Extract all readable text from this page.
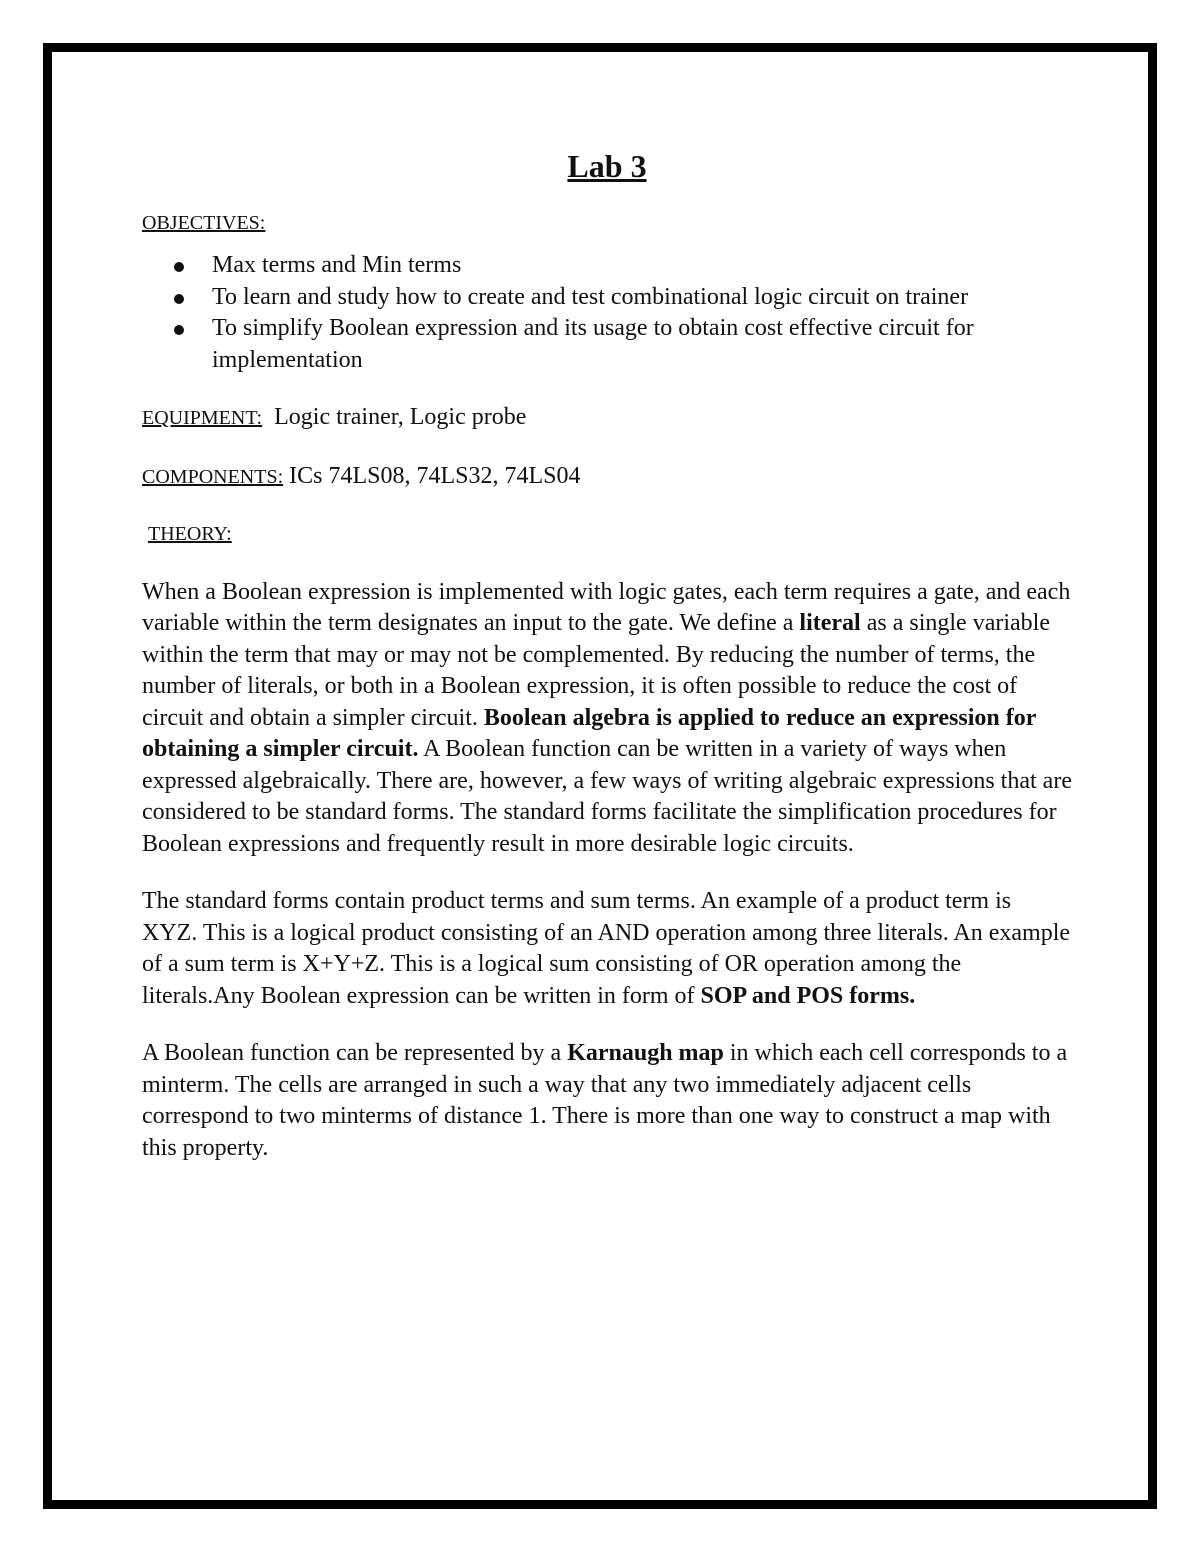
Lab 3
OBJECTIVES:
Max terms and Min terms
To learn and study how to create and test combinational logic circuit on trainer
To simplify Boolean expression and its usage to obtain cost effective circuit for implementation
EQUIPMENT: Logic trainer, Logic probe
COMPONENTS: ICs 74LS08, 74LS32, 74LS04
THEORY:
When a Boolean expression is implemented with logic gates, each term requires a gate, and each variable within the term designates an input to the gate. We define a literal as a single variable within the term that may or may not be complemented. By reducing the number of terms, the number of literals, or both in a Boolean expression, it is often possible to reduce the cost of circuit and obtain a simpler circuit. Boolean algebra is applied to reduce an expression for obtaining a simpler circuit. A Boolean function can be written in a variety of ways when expressed algebraically. There are, however, a few ways of writing algebraic expressions that are considered to be standard forms. The standard forms facilitate the simplification procedures for Boolean expressions and frequently result in more desirable logic circuits.
The standard forms contain product terms and sum terms. An example of a product term is XYZ. This is a logical product consisting of an AND operation among three literals. An example of a sum term is X+Y+Z. This is a logical sum consisting of OR operation among the literals.Any Boolean expression can be written in form of SOP and POS forms.
A Boolean function can be represented by a Karnaugh map in which each cell corresponds to a minterm. The cells are arranged in such a way that any two immediately adjacent cells correspond to two minterms of distance 1. There is more than one way to construct a map with this property.
